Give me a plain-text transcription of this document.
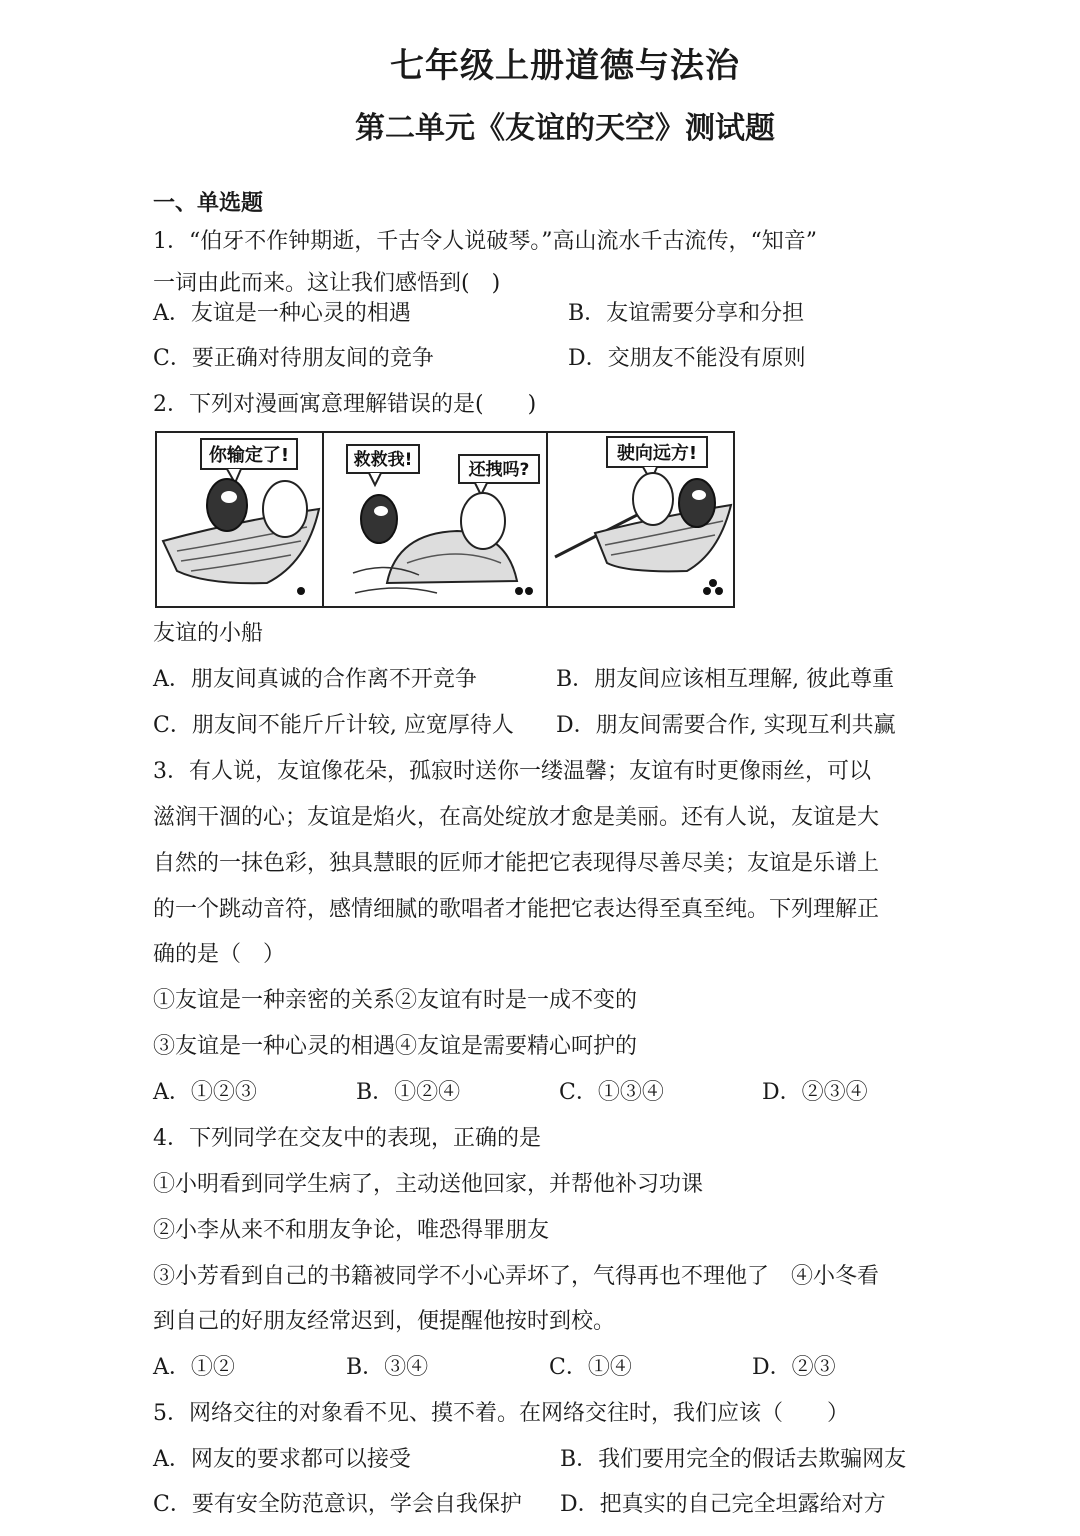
七年级上册道德与法治
第二单元《友谊的天空》测试题
一、单选题
1．“伯牙不作钟期逝，千古令人说破琴。”高山流水千古流传，“知音”
一词由此而来。这让我们感悟到(　)
A．友谊是一种心灵的相遇	B．友谊需要分享和分担
C．要正确对待朋友间的竞争	D．交朋友不能没有原则
2．下列对漫画寓意理解错误的是(　　)
你输定了!	救救我!	还拽吗?
驶向远方!
友谊的小船
A．朋友间真诚的合作离不开竞争	B．朋友间应该相互理解, 彼此尊重
C．朋友间不能斤斤计较, 应宽厚待人 D．朋友间需要合作, 实现互利共赢
3．有人说，友谊像花朵，孤寂时送你一缕温馨；友谊有时更像雨丝，可以
滋润干涸的心；友谊是焰火，在高处绽放才愈是美丽。还有人说，友谊是大
自然的一抹色彩，独具慧眼的匠师才能把它表现得尽善尽美；友谊是乐谱上
的一个跳动音符，感情细腻的歌唱者才能把它表达得至真至纯。下列理解正
确的是（　）
①友谊是一种亲密的关系②友谊有时是一成不变的
③友谊是一种心灵的相遇④友谊是需要精心呵护的
A．①②③	B．①②④	C．①③④	D．②③④
4．下列同学在交友中的表现，正确的是
①小明看到同学生病了，主动送他回家，并帮他补习功课
②小李从来不和朋友争论，唯恐得罪朋友
③小芳看到自己的书籍被同学不小心弄坏了，气得再也不理他了　④小冬看
到自己的好朋友经常迟到，便提醒他按时到校。
A．①②	B．③④	C．①④	D．②③
5．网络交往的对象看不见、摸不着。在网络交往时，我们应该（　　）
A．网友的要求都可以接受	B．我们要用完全的假话去欺骗网友
C．要有安全防范意识，学会自我保护 D．把真实的自己完全坦露给对方
